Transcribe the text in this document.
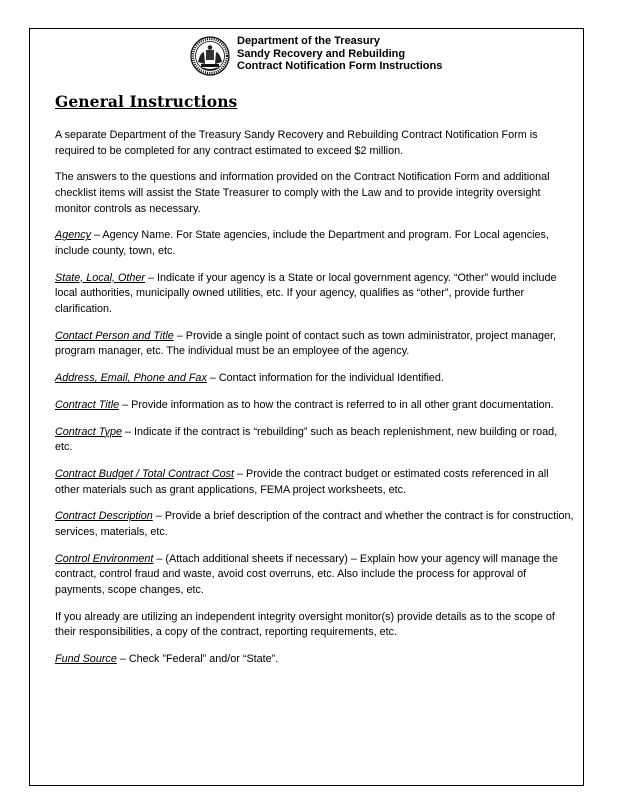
Department of the Treasury
Sandy Recovery and Rebuilding
Contract Notification Form Instructions
General Instructions

A separate Department of the Treasury Sandy Recovery and Rebuilding Contract Notification Form is required to be completed for any contract estimated to exceed $2 million.

The answers to the questions and information provided on the Contract Notification Form and additional checklist items will assist the State Treasurer to comply with the Law and to provide integrity oversight monitor controls as necessary.

Agency – Agency Name. For State agencies, include the Department and program. For Local agencies, include county, town, etc.

State, Local, Other – Indicate if your agency is a State or local government agency. “Other” would include local authorities, municipally owned utilities, etc. If your agency, qualifies as “other”, provide further clarification.

Contact Person and Title – Provide a single point of contact such as town administrator, project manager, program manager, etc. The individual must be an employee of the agency.

Address, Email, Phone and Fax – Contact information for the individual Identified.

Contract Title – Provide information as to how the contract is referred to in all other grant documentation.

Contract Type – Indicate if the contract is “rebuilding” such as beach replenishment, new building or road, etc.

Contract Budget / Total Contract Cost – Provide the contract budget or estimated costs referenced in all other materials such as grant applications, FEMA project worksheets, etc.

Contract Description – Provide a brief description of the contract and whether the contract is for construction, services, materials, etc.

Control Environment – (Attach additional sheets if necessary) – Explain how your agency will manage the contract, control fraud and waste, avoid cost overruns, etc. Also include the process for approval of payments, scope changes, etc.

If you already are utilizing an independent integrity oversight monitor(s) provide details as to the scope of their responsibilities, a copy of the contract, reporting requirements, etc.

Fund Source – Check ”Federal” and/or “State”.
